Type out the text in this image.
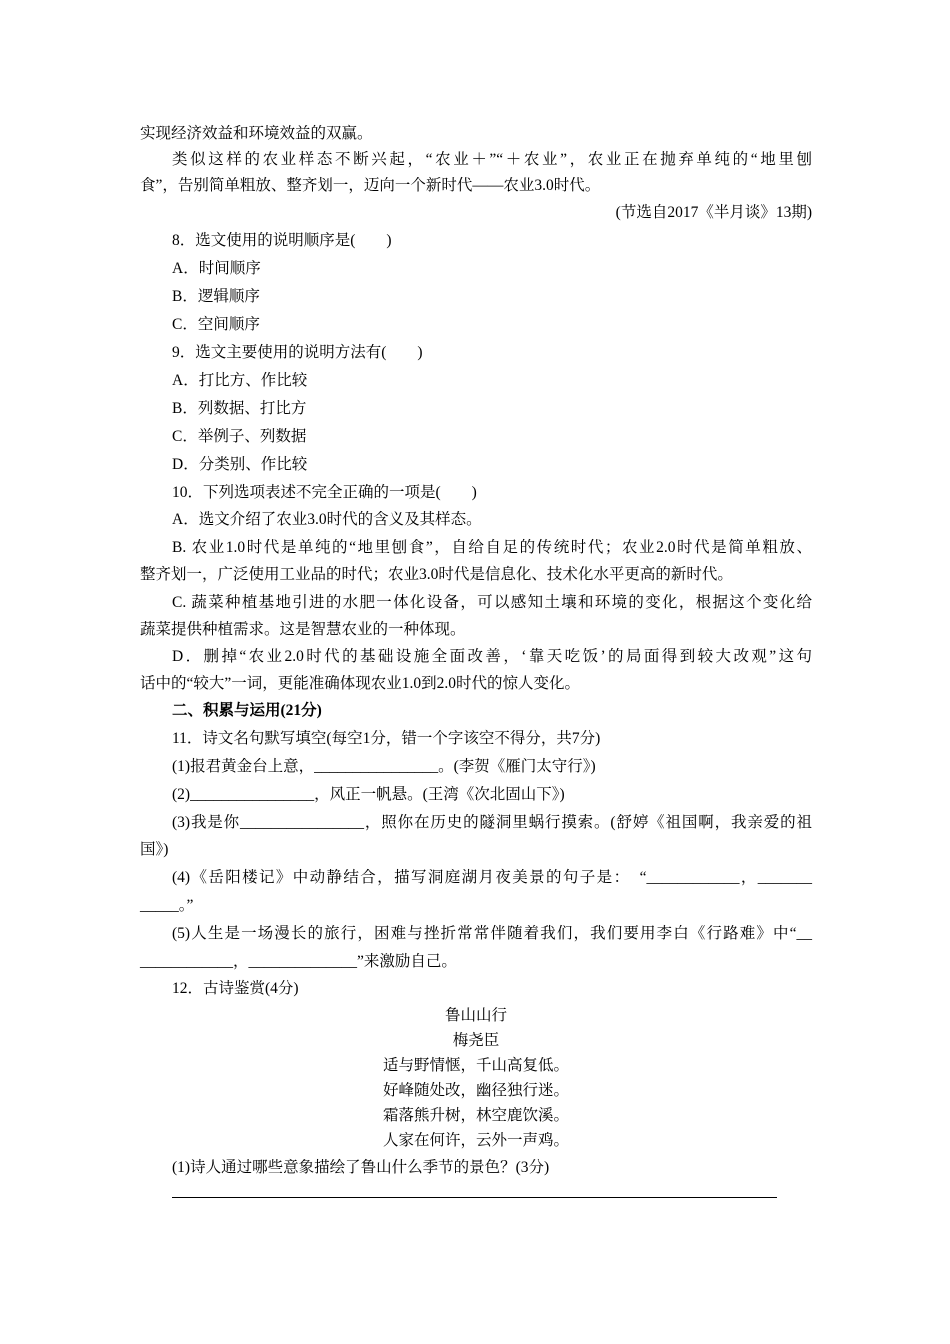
实现经济效益和环境效益的双赢。
类似这样的农业样态不断兴起，“农业＋”“＋农业”，农业正在抛弃单纯的“地里刨
食”，告别简单粗放、整齐划一，迈向一个新时代——农业3.0时代。
(节选自2017《半月谈》13期)
8．选文使用的说明顺序是(　　)
A．时间顺序
B．逻辑顺序
C．空间顺序
9．选文主要使用的说明方法有(　　)
A．打比方、作比较
B．列数据、打比方
C．举例子、列数据
D．分类别、作比较
10．下列选项表述不完全正确的一项是(　　)
A．选文介绍了农业3.0时代的含义及其样态。
B. 农业1.0时代是单纯的“地里刨食”，自给自足的传统时代；农业2.0时代是简单粗放、
整齐划一，广泛使用工业品的时代；农业3.0时代是信息化、技术化水平更高的新时代。
C. 蔬菜种植基地引进的水肥一体化设备，可以感知土壤和环境的变化，根据这个变化给
蔬菜提供种植需求。这是智慧农业的一种体现。
D．删掉“农业2.0时代的基础设施全面改善，‘靠天吃饭’的局面得到较大改观”这句
话中的“较大”一词，更能准确体现农业1.0到2.0时代的惊人变化。
二、积累与运用(21分)
11．诗文名句默写填空(每空1分，错一个字该空不得分，共7分)
(1)报君黄金台上意，________________。(李贺《雁门太守行》)
(2)________________，风正一帆悬。(王湾《次北固山下》)
(3)我是你________________，照你在历史的隧洞里蜗行摸索。(舒婷《祖国啊，我亲爱的祖
国》)
(4)《岳阳楼记》中动静结合，描写洞庭湖月夜美景的句子是：　“____________，_______
_____。”
(5)人生是一场漫长的旅行，困难与挫折常常伴随着我们，我们要用李白《行路难》中“__
____________，______________”来激励自己。
12．古诗鉴赏(4分)
鲁山山行
梅尧臣
适与野情惬，千山高复低。
好峰随处改，幽径独行迷。
霜落熊升树，林空鹿饮溪。
人家在何许，云外一声鸡。
(1)诗人通过哪些意象描绘了鲁山什么季节的景色？(3分)
